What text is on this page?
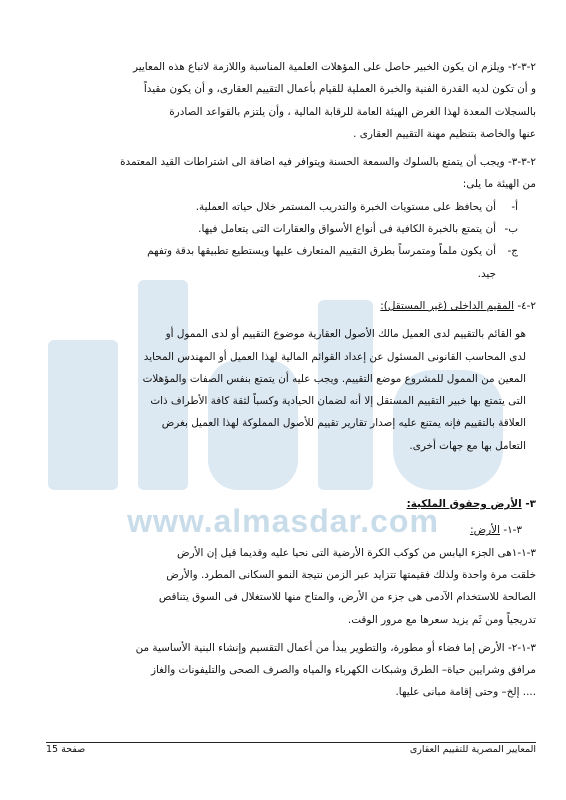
www.almasdar.com

٢-٣-٢- ويلزم ان يكون الخبير حاصل على المؤهلات العلمية المناسبة واللازمة لاتباع هذه المعايير

و أن تكون لديه القدرة الفنية والخبرة العملية للقيام بأعمال التقييم العقارى، و أن يكون مقيداً

بالسجلات المعدة لهذا الغرض الهيئة العامة للرقابة المالية ، وأن يلتزم بالقواعد الصادرة

عنها والخاصة بتنظيم مهنة التقييم العقارى .

٢-٣-٣- ويجب أن يتمتع بالسلوك والسمعة الحسنة ويتوافر فيه اضافة الى اشتراطات القيد المعتمدة

من الهيئة ما يلى:

أ-أن يحافظ على مستويات الخبرة والتدريب المستمر خلال حياته العملية.

ب-أن يتمتع بالخبرة الكافية فى أنواع الأسواق والعقارات التى يتعامل فيها.

ج-أن يكون ملماً ومتمرساً بطرق التقييم المتعارف عليها ويستطيع تطبيقها بدقة وتفهم

جيد.

٢-٤- المقيم الداخلى (غير المستقل):

هو القائم بالتقييم لدى العميل مالك الأصول العقارية موضوع التقييم أو لدى الممول أو

لدى المحاسب القانونى المسئول عن إعداد القوائم المالية لهذا العميل أو المهندس المحايد

المعين من الممول للمشروع موضع التقييم. ويجب عليه أن يتمتع بنفس الصفات والمؤهلات

التى يتمتع بها خبير التقييم المستقل إلا أنه لضمان الحيادية وكسباً لثقة كافة الأطراف ذات

العلاقة بالتقييم فإنه يمتنع عليه إصدار تقارير تقييم للأصول المملوكة لهذا العميل بغرض

التعامل بها مع جهات أخرى.

٣- الأرض وحقوق الملكية:

٣-١- الأرض:

٣-١-١هى الجزء اليابس من كوكب الكرة الأرضية التى نحيا عليه وقديما قيل إن الأرض

خلقت مرة واحدة ولذلك فقيمتها تتزايد عبر الزمن نتيجة النمو السكانى المطرد. والأرض

الصالحة للاستخدام الآدمى هى جزء من الأرض، والمتاح منها للاستغلال فى السوق يتناقص

تدريجياً ومن ثَم يزيد سعرها مع مرور الوقت.

٣-١-٢- الأرض إما فضاء أو مطورة، والتطوير يبدأ من أعمال التقسيم وإنشاء البنية الأساسية من

مرافق وشرايين حياة– الطرق وشبكات الكهرباء والمياه والصرف الصحى والتليفونات والغاز

.... إلخ– وحتى إقامة مبانى عليها.

المعايير المصرية للتقييم العقارى
صفحة 15
